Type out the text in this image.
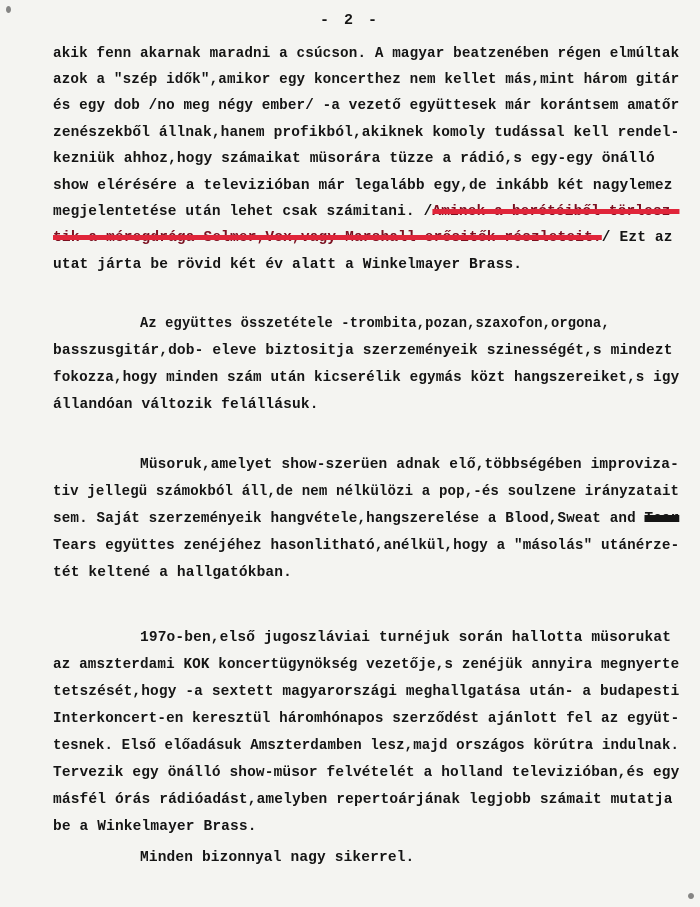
- 2 -
akik fenn akarnak maradni a csúcson. A magyar beatzenében régen elmúltak
azok a "szép idők",amikor egy koncerthez nem kellet más,mint három gitár
és egy dob /no meg négy ember/ -a vezető együttesek már korántsem amatőr
zenészekből állnak,hanem profikból,akiknek komoly tudással kell rendel-
kezniük ahhoz,hogy számaikat müsorára tüzze a rádió,s egy-egy önálló
show elérésére a televizióban már legalább egy,de inkább két nagylemez
megjelentetése után lehet csak számitani. /Aminek a berótéiből törlesz-
tik a méregdrága Selmer,Vox,vagy Marshall erősitők részleteit./ Ezt az
utat járta be rövid két év alatt a Winkelmayer Brass.
Az együttes összetétele -trombita,pozan,szaxofon,orgona,
basszusgitár,dob- eleve biztositja szerzeményeik szinességét,s mindezt
fokozza,hogy minden szám után kicserélik egymás közt hangszereiket,s igy
állandóan változik felállásuk.
Müsoruk,amelyet show-szerüen adnak elő,többségében improviza-
tiv jellegü számokból áll,de nem nélkülözi a pop,-és soulzene irányzatait
sem. Saját szerzeményeik hangvétele,hangszerelése a Blood,Sweat and Tear
Tears együttes zenéjéhez hasonlitható,anélkül,hogy a "másolás" utánérze-
tét keltené a hallgatókban.
197o-ben,első jugoszláviai turnéjuk során hallotta müsorukat
az amszterdami KOK koncertügynökség vezetője,s zenéjük annyira megnyerte
tetszését,hogy -a sextett magyarországi meghallgatása után- a budapesti
Interkoncert-en keresztül háromhónapos szerződést ajánlott fel az együt-
tesnek. Első előadásuk Amszterdamben lesz,majd országos körútra indulnak.
Tervezik egy önálló show-müsor felvételét a holland televizióban,és egy
másfél órás rádióadást,amelyben repertoárjának legjobb számait mutatja
be a Winkelmayer Brass.
Minden bizonnyal nagy sikerrel.
